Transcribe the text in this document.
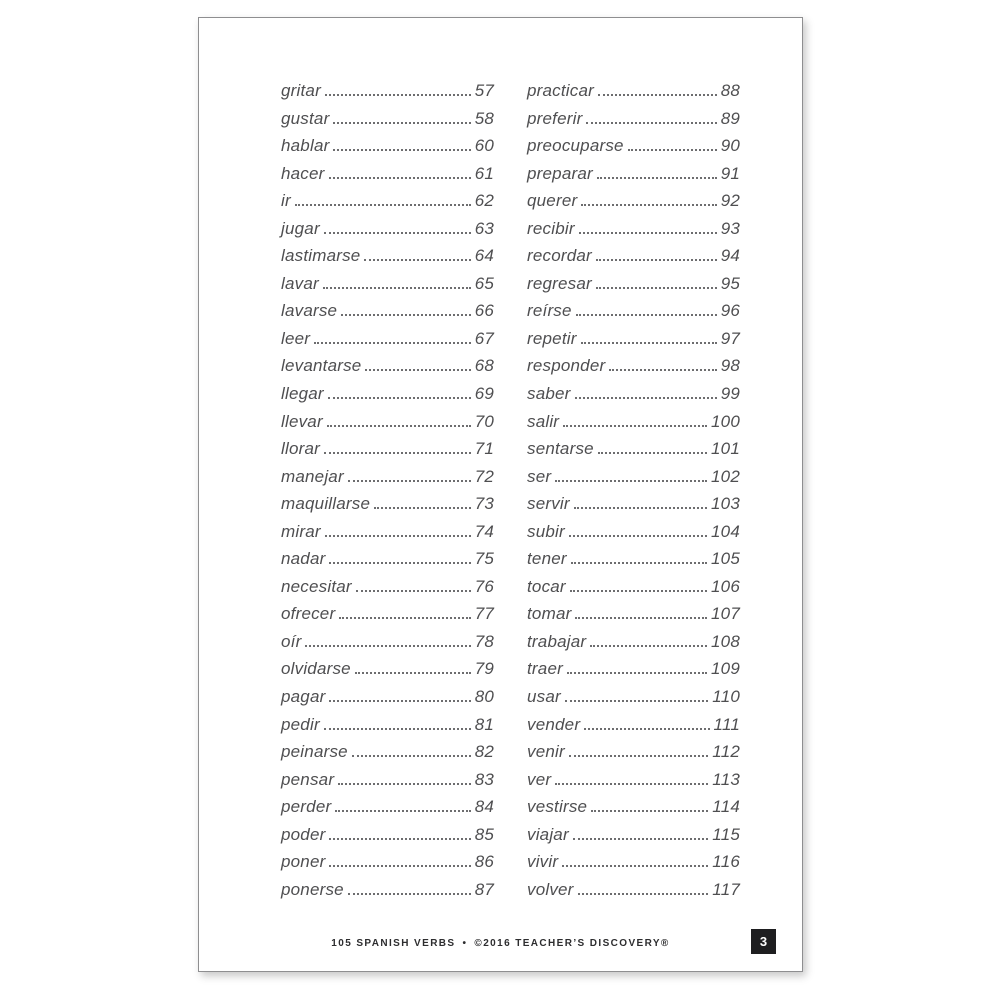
gritar	57
gustar	58
hablar	60
hacer	61
ir	62
jugar	63
lastimarse	64
lavar	65
lavarse	66
leer	67
levantarse	68
llegar	69
llevar	70
llorar	71
manejar	72
maquillarse	73
mirar	74
nadar	75
necesitar	76
ofrecer	77
oír	78
olvidarse	79
pagar	80
pedir	81
peinarse	82
pensar	83
perder	84
poder	85
poner	86
ponerse	87
practicar	88
preferir	89
preocuparse	90
preparar	91
querer	92
recibir	93
recordar	94
regresar	95
reírse	96
repetir	97
responder	98
saber	99
salir	100
sentarse	101
ser	102
servir	103
subir	104
tener	105
tocar	106
tomar	107
trabajar	108
traer	109
usar	110
vender	111
venir	112
ver	113
vestirse	114
viajar	115
vivir	116
volver	117
105 SPANISH VERBS • ©2016 TEACHER’S DISCOVERY®	3
